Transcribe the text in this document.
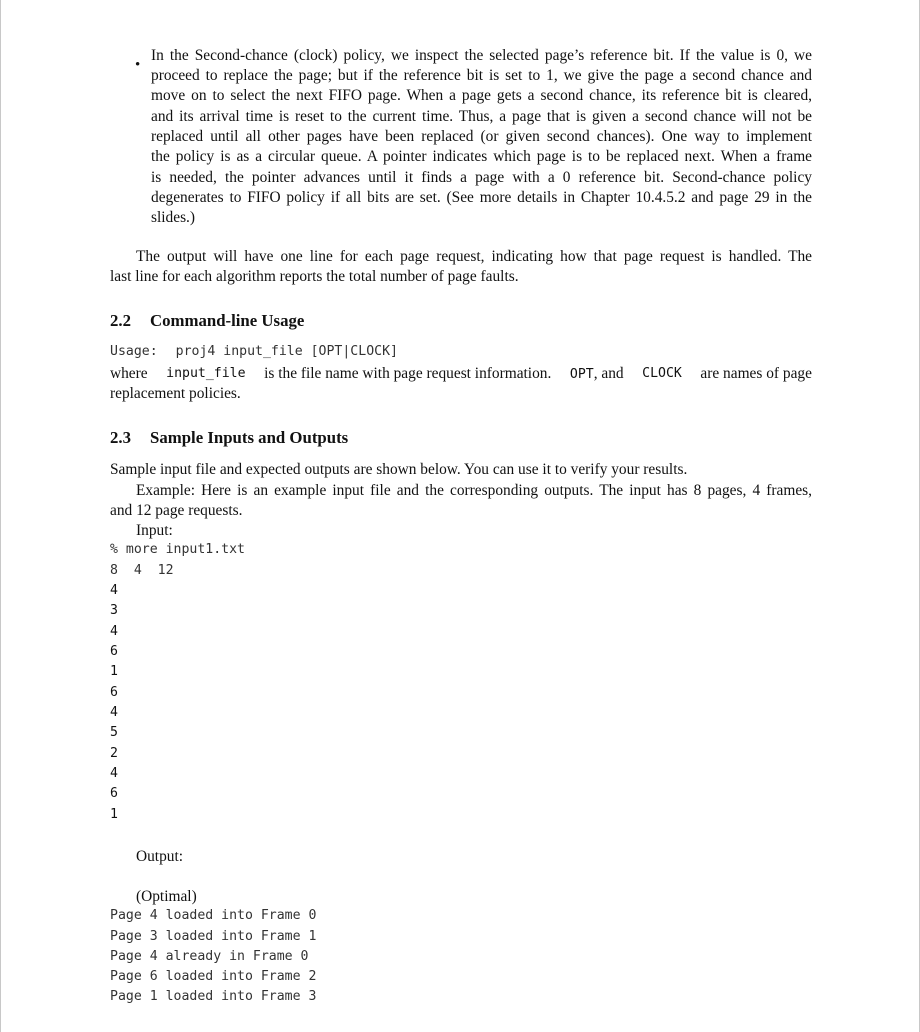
•
In the Second-chance (clock) policy, we inspect the selected page’s reference bit. If the value is 0, we
proceed to replace the page; but if the reference bit is set to 1, we give the page a second chance and
move on to select the next FIFO page. When a page gets a second chance, its reference bit is cleared,
and its arrival time is reset to the current time. Thus, a page that is given a second chance will not be
replaced until all other pages have been replaced (or given second chances). One way to implement
the policy is as a circular queue. A pointer indicates which page is to be replaced next. When a frame
is needed, the pointer advances until it finds a page with a 0 reference bit. Second-chance policy
degenerates to FIFO policy if all bits are set. (See more details in Chapter 10.4.5.2 and page 29 in the
slides.)
The output will have one line for each page request, indicating how that page request is handled. The
last line for each algorithm reports the total number of page faults.
2.2 Command-line Usage
Usage: proj4 input_file [OPT|CLOCK]
where input_file is the file name with page request information. OPT, and CLOCK are names of page
replacement policies.
2.3 Sample Inputs and Outputs
Sample input file and expected outputs are shown below. You can use it to verify your results.
Example: Here is an example input file and the corresponding outputs. The input has 8 pages, 4 frames,
and 12 page requests.
Input:
% more input1.txt
8  4  12
4
3
4
6
1
6
4
5
2
4
6
1
Output:
(Optimal)
Page 4 loaded into Frame 0
Page 3 loaded into Frame 1
Page 4 already in Frame 0
Page 6 loaded into Frame 2
Page 1 loaded into Frame 3
